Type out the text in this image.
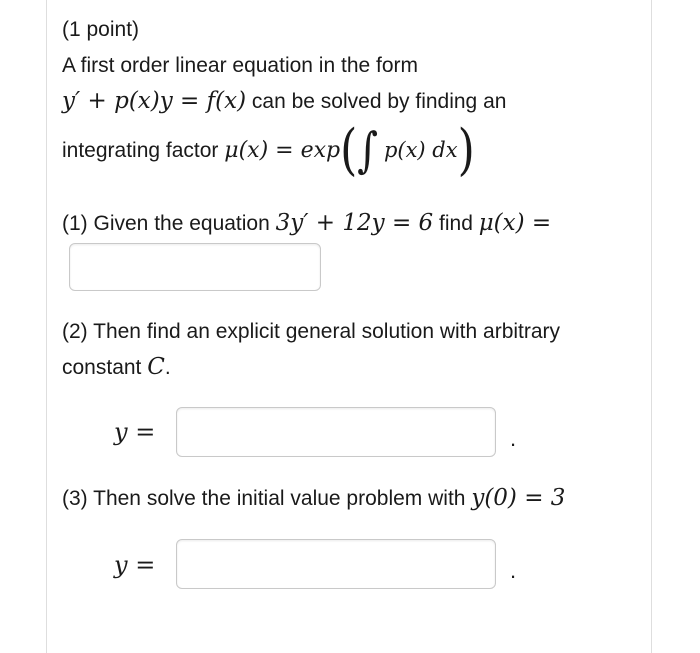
(1 point)
A first order linear equation in the form
y′ + p(x)y = f(x) can be solved by finding an
integrating factor μ(x) = exp(∫ p(x) dx)
(1) Given the equation 3y′ + 12y = 6 find μ(x) =
(2) Then find an explicit general solution with arbitrary
constant C.
y =	.
(3) Then solve the initial value problem with y(0) = 3
y =	.
